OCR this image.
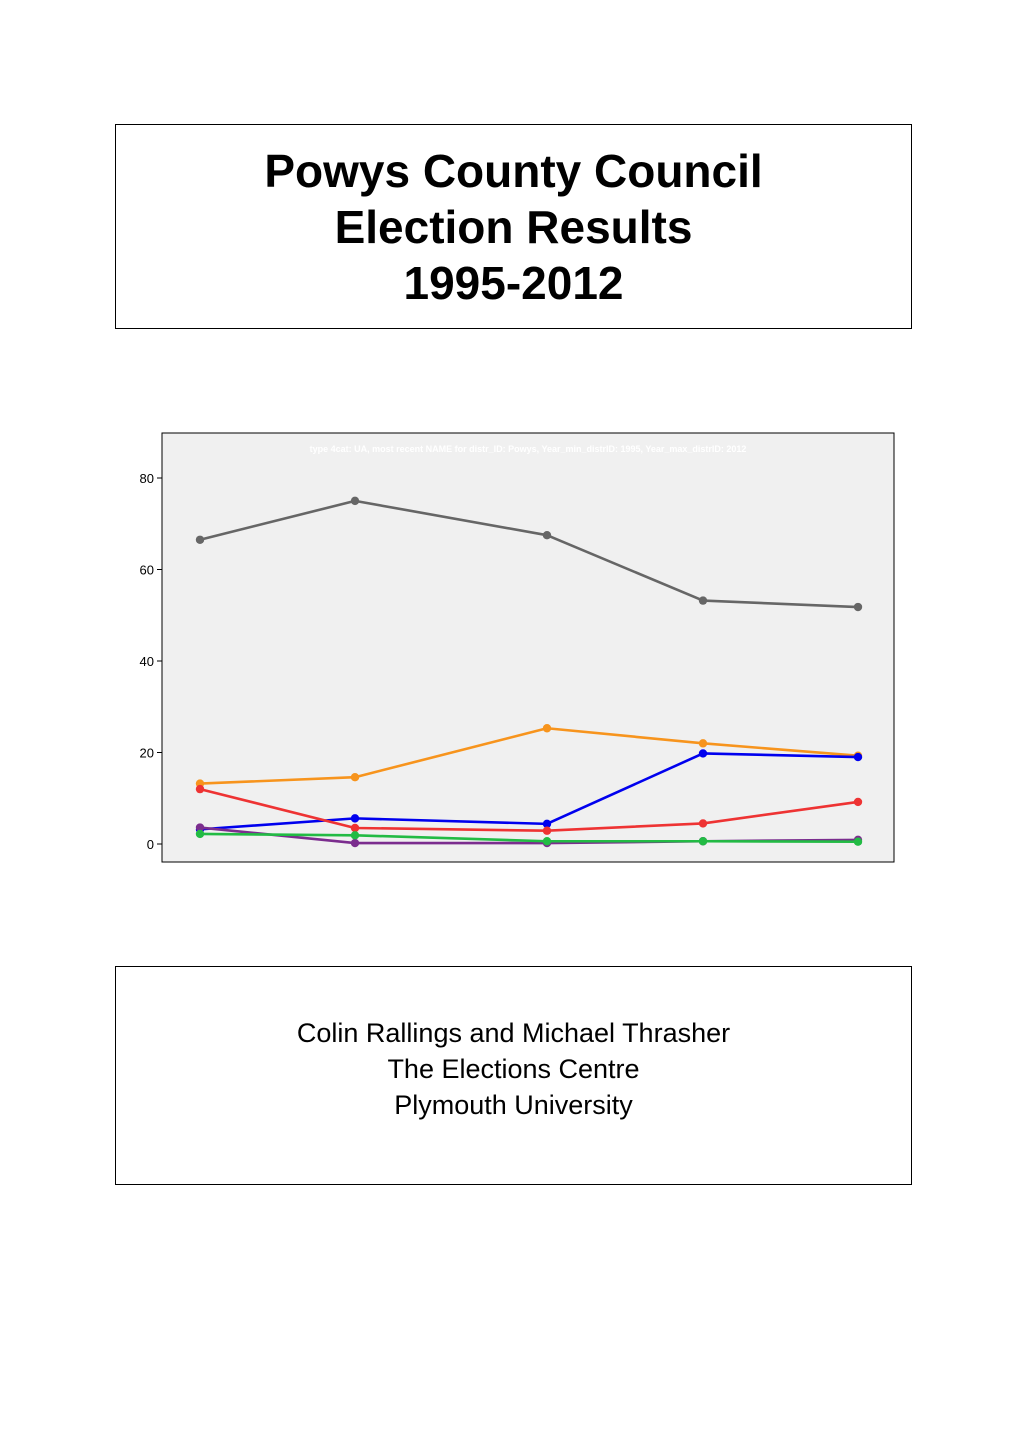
Powys County Council
Election Results
1995-2012
type 4cat: UA, most recent NAME for distr_ID: Powys, Year_min_distrID: 1995, Year_max_distrID: 2012
0
20
40
60
80
Colin Rallings and Michael Thrasher
The Elections Centre
Plymouth University
